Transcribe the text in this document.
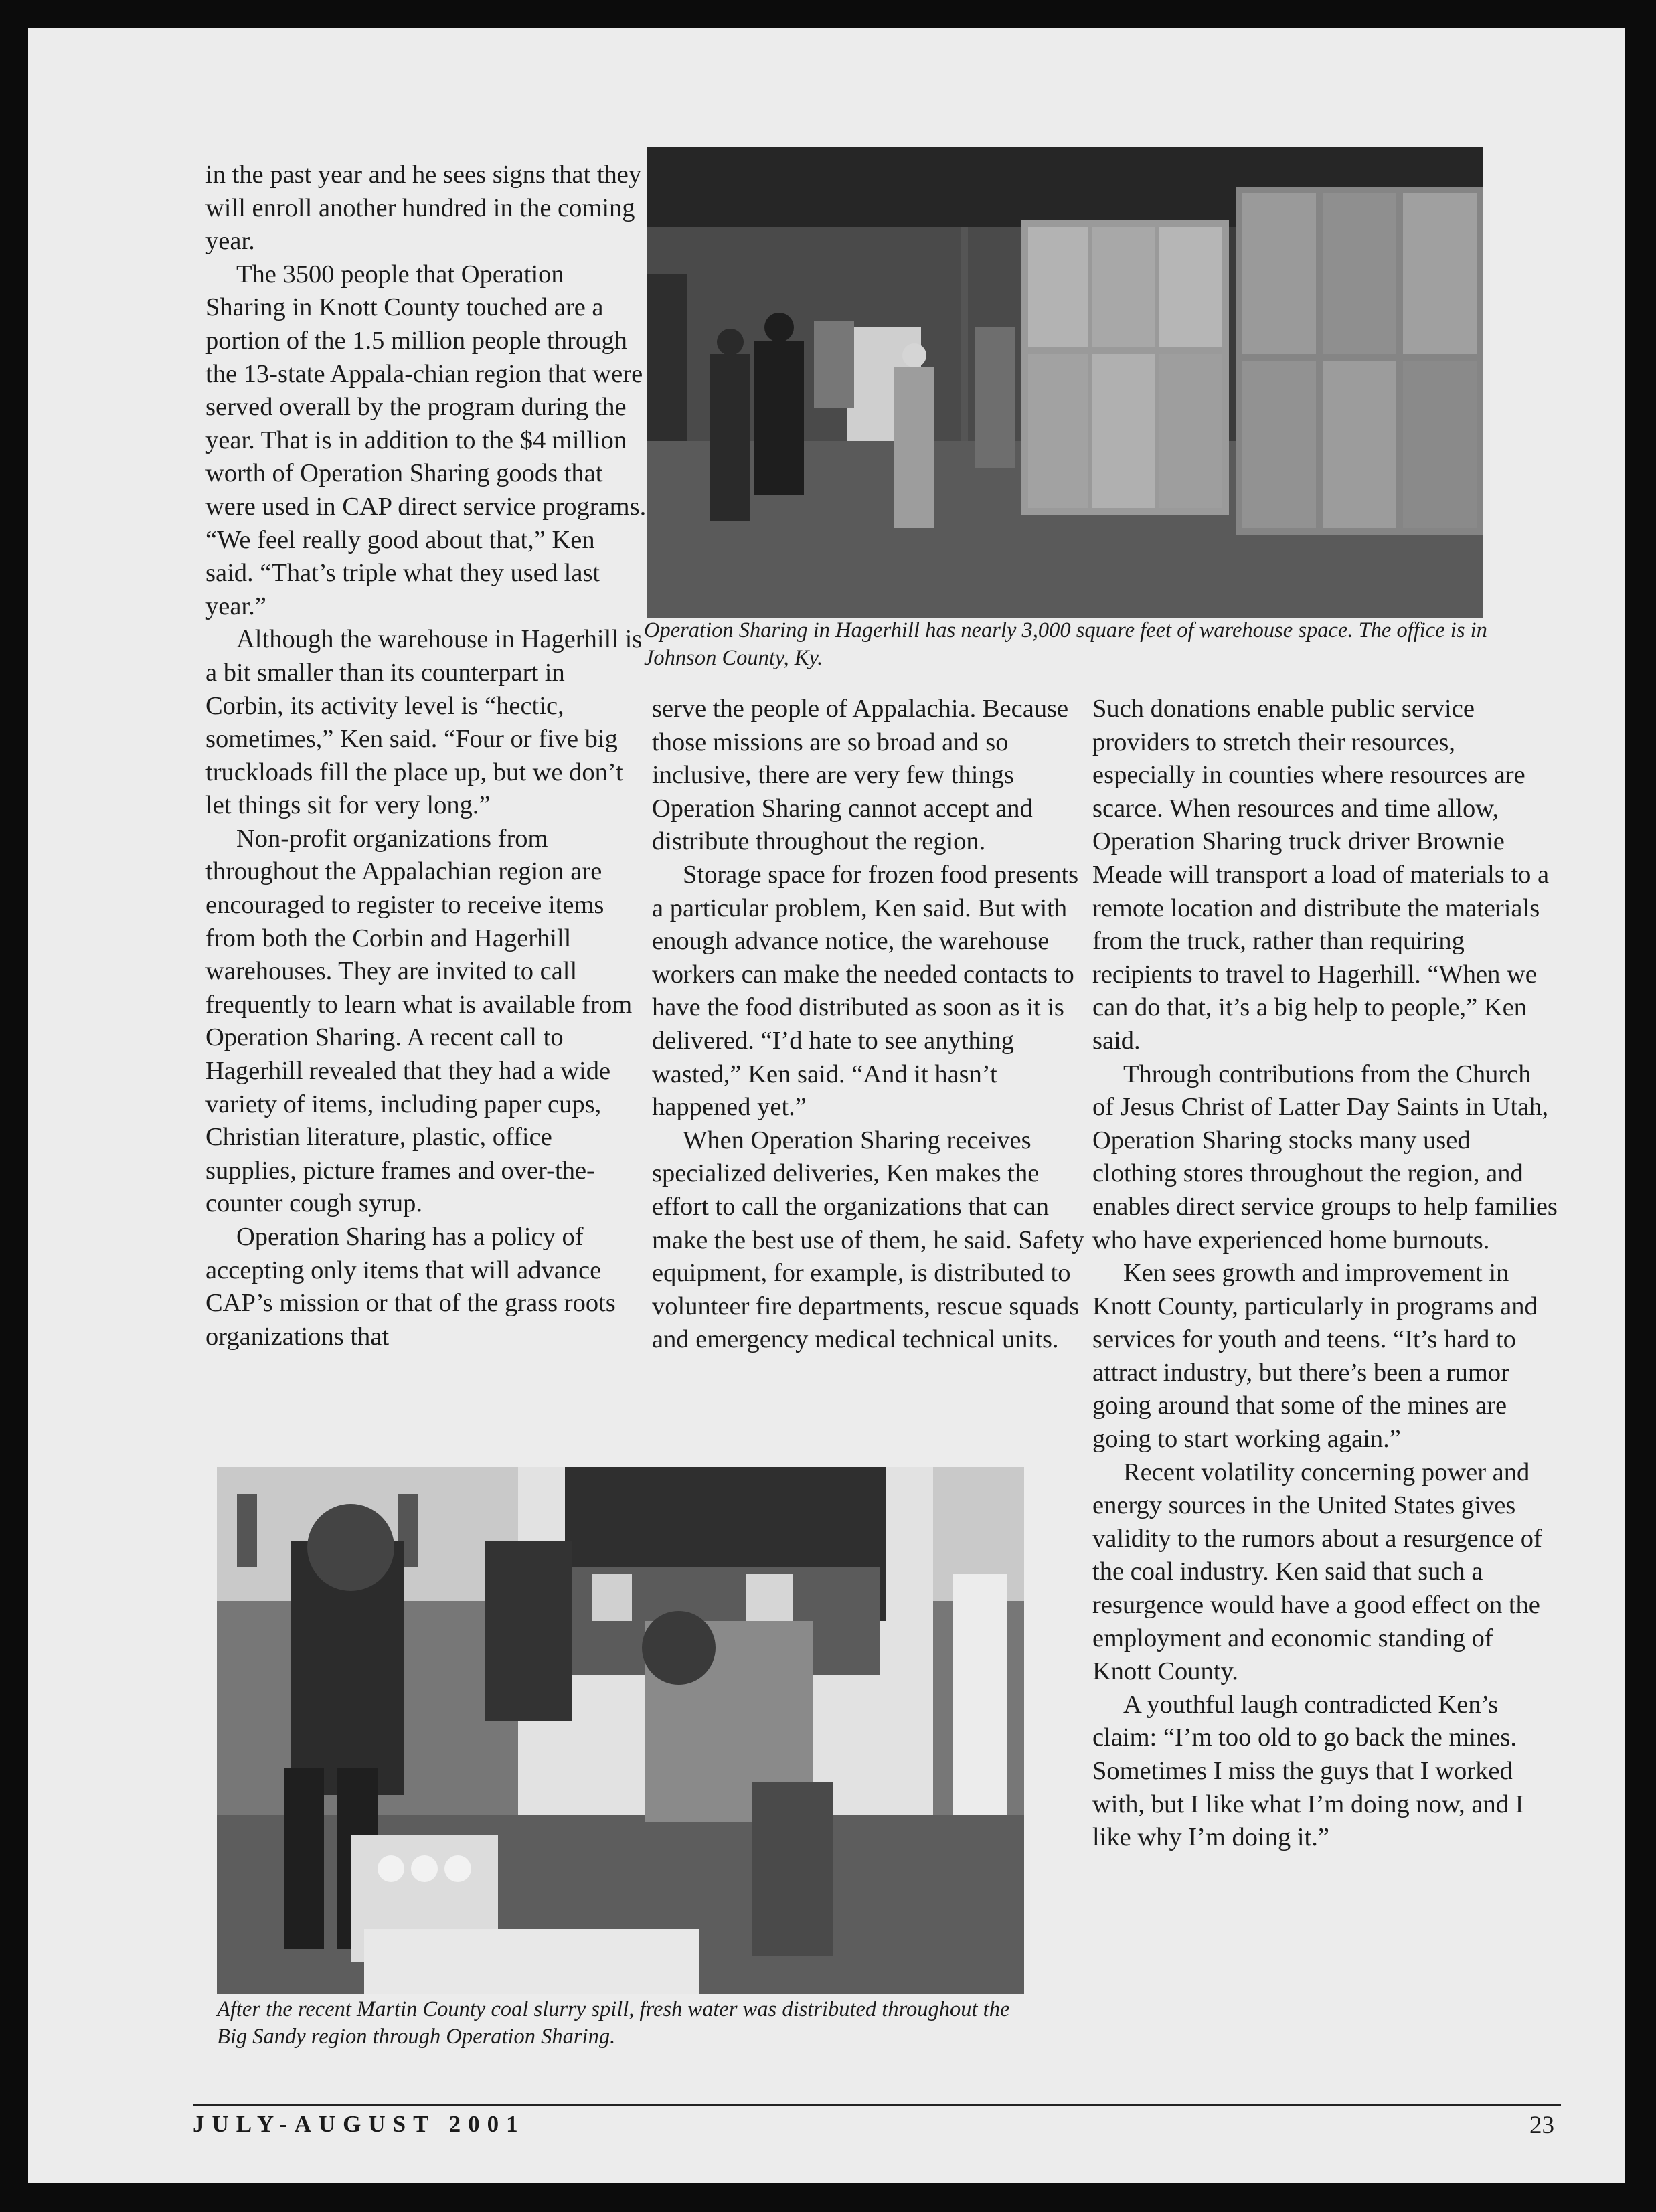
in the past year and he sees signs that they will enroll another hundred in the coming year.

The 3500 people that Operation Sharing in Knott County touched are a portion of the 1.5 million people through the 13-state Appala-chian region that were served overall by the program during the year. That is in addition to the $4 million worth of Operation Sharing goods that were used in CAP direct service programs. “We feel really good about that,” Ken said. “That’s triple what they used last year.”

Although the warehouse in Hagerhill is a bit smaller than its counterpart in Corbin, its activity level is “hectic, sometimes,” Ken said. “Four or five big truckloads fill the place up, but we don’t let things sit for very long.”

Non-profit organizations from throughout the Appalachian region are encouraged to register to receive items from both the Corbin and Hagerhill warehouses. They are invited to call frequently to learn what is available from Operation Sharing. A recent call to Hagerhill revealed that they had a wide variety of items, including paper cups, Christian literature, plastic, office supplies, picture frames and over-the-counter cough syrup.

Operation Sharing has a policy of accepting only items that will advance CAP’s mission or that of the grass roots organizations that

Operation Sharing in Hagerhill has nearly 3,000 square feet of warehouse space. The office is in Johnson County, Ky.

serve the people of Appalachia. Because those missions are so broad and so inclusive, there are very few things Operation Sharing cannot accept and distribute throughout the region.

Storage space for frozen food presents a particular problem, Ken said. But with enough advance notice, the warehouse workers can make the needed contacts to have the food distributed as soon as it is delivered. “I’d hate to see anything wasted,” Ken said. “And it hasn’t happened yet.”

When Operation Sharing receives specialized deliveries, Ken makes the effort to call the organizations that can make the best use of them, he said. Safety equipment, for example, is distributed to volunteer fire departments, rescue squads and emergency medical technical units.

Such donations enable public service providers to stretch their resources, especially in counties where resources are scarce. When resources and time allow, Operation Sharing truck driver Brownie Meade will transport a load of materials to a remote location and distribute the materials from the truck, rather than requiring recipients to travel to Hagerhill. “When we can do that, it’s a big help to people,” Ken said.

Through contributions from the Church of Jesus Christ of Latter Day Saints in Utah, Operation Sharing stocks many used clothing stores throughout the region, and enables direct service groups to help families who have experienced home burnouts.

Ken sees growth and improvement in Knott County, particularly in programs and services for youth and teens. “It’s hard to attract industry, but there’s been a rumor going around that some of the mines are going to start working again.”

Recent volatility concerning power and energy sources in the United States gives validity to the rumors about a resurgence of the coal industry. Ken said that such a resurgence would have a good effect on the employment and economic standing of Knott County.

A youthful laugh contradicted Ken’s claim: “I’m too old to go back the mines. Sometimes I miss the guys that I worked with, but I like what I’m doing now, and I like why I’m doing it.”

After the recent Martin County coal slurry spill, fresh water was distributed throughout the Big Sandy region through Operation Sharing.
JULY-AUGUST 2001	23
